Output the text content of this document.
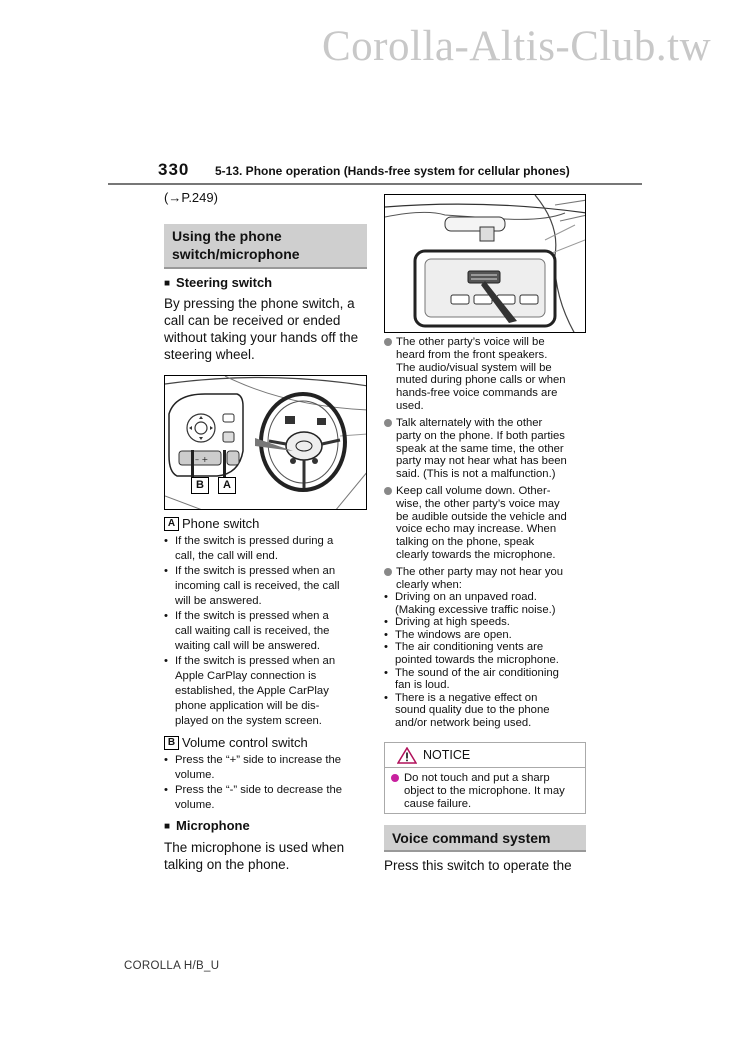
Corolla-Altis-Club.tw
330 5-13. Phone operation (Hands-free system for cellular phones)
(→P.249)
Using the phone
switch/microphone
■ Steering switch
By pressing the phone switch, a
call can be received or ended
without taking your hands off the
steering wheel.
– +
B	A
A Phone switch
• If the switch is pressed during a
call, the call will end.
• If the switch is pressed when an
incoming call is received, the call
will be answered.
• If the switch is pressed when a
call waiting call is received, the
waiting call will be answered.
• If the switch is pressed when an
Apple CarPlay connection is
established, the Apple CarPlay
phone application will be dis-
played on the system screen.
B Volume control switch
• Press the “+” side to increase the
volume.
• Press the “-” side to decrease the
volume.
■ Microphone
The microphone is used when
talking on the phone.
The other party’s voice will be
heard from the front speakers.
The audio/visual system will be
muted during phone calls or when
hands-free voice commands are
used.
Talk alternately with the other
party on the phone. If both parties
speak at the same time, the other
party may not hear what has been
said. (This is not a malfunction.)
Keep call volume down. Other-
wise, the other party’s voice may
be audible outside the vehicle and
voice echo may increase. When
talking on the phone, speak
clearly towards the microphone.
The other party may not hear you
clearly when:
• Driving on an unpaved road.
(Making excessive traffic noise.)
• Driving at high speeds.
• The windows are open.
• The air conditioning vents are
pointed towards the microphone.
• The sound of the air conditioning
fan is loud.
• There is a negative effect on
sound quality due to the phone
and/or network being used.
NOTICE
Do not touch and put a sharp
object to the microphone. It may
cause failure.
Voice command system
Press this switch to operate the
COROLLA H/B_U
